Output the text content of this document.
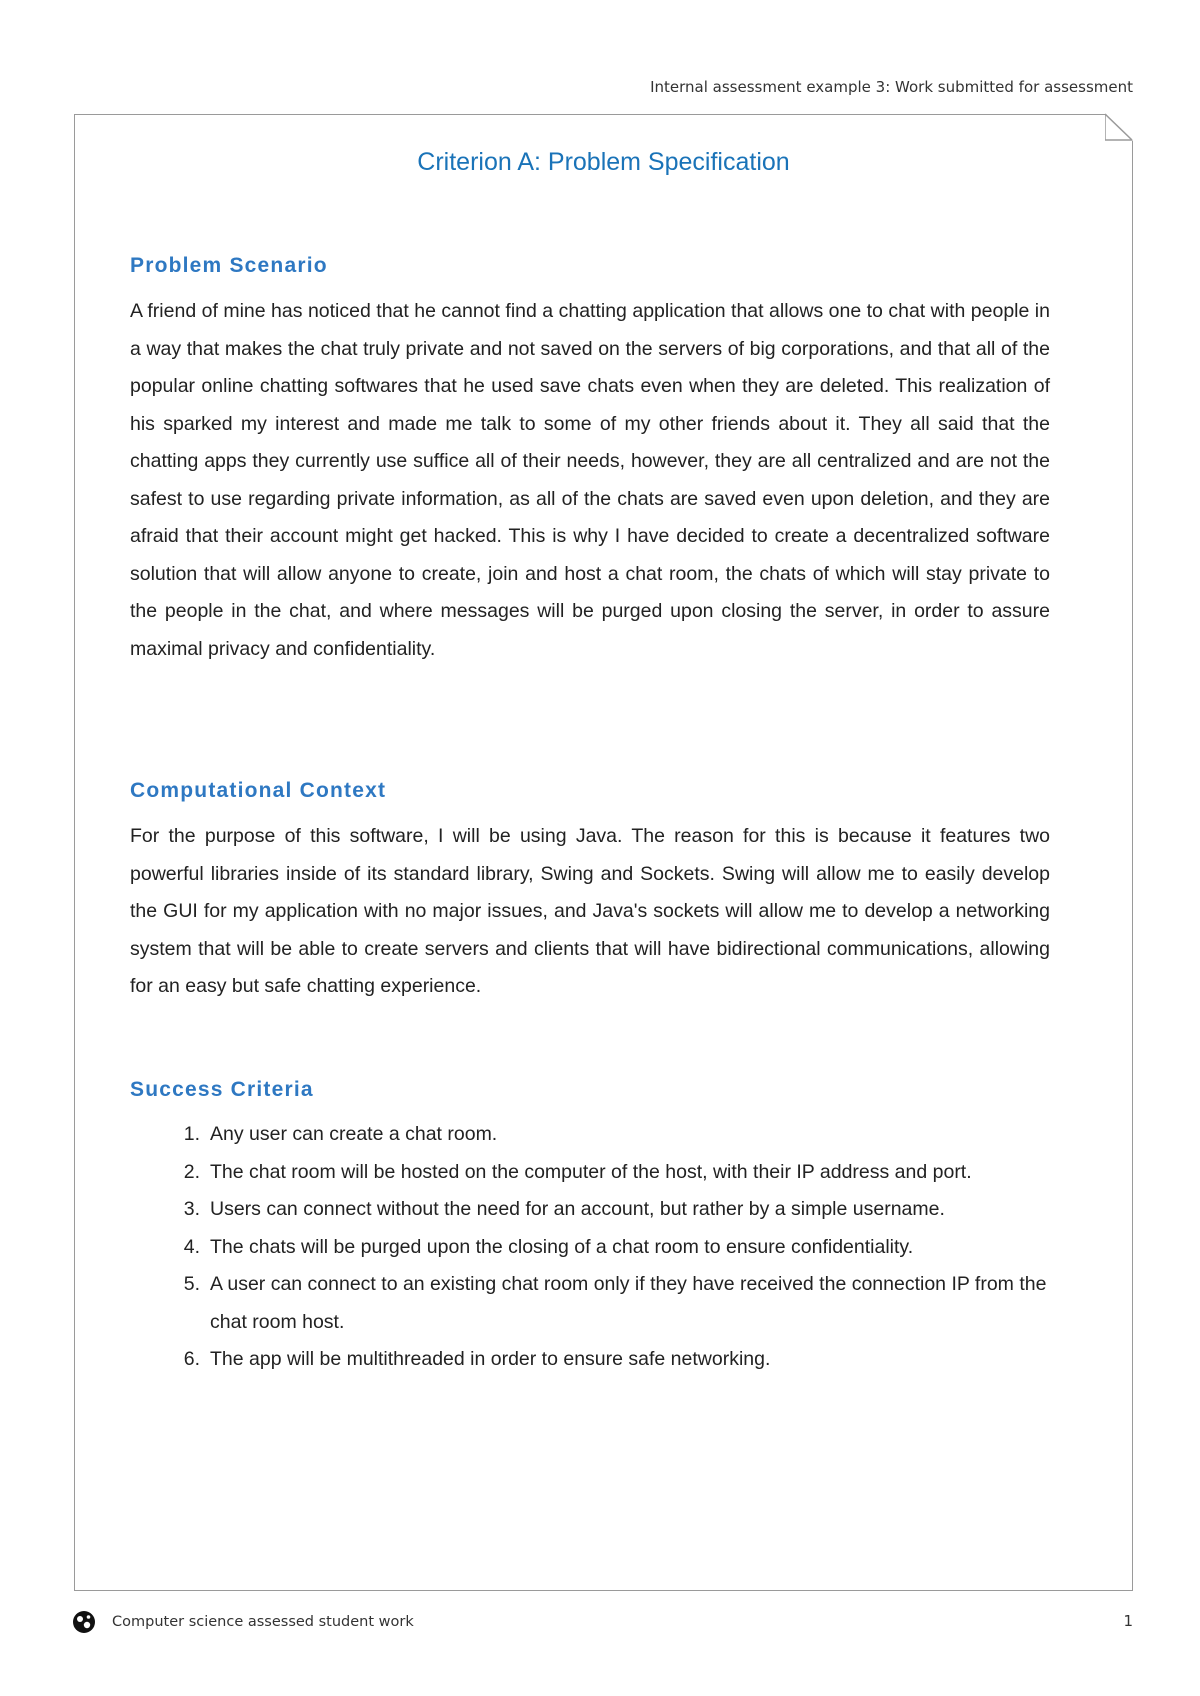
Internal assessment example 3: Work submitted for assessment
Criterion A: Problem Specification
Problem Scenario

A friend of mine has noticed that he cannot find a chatting application that allows one to chat with people in a way that makes the chat truly private and not saved on the servers of big corporations, and that all of the popular online chatting softwares that he used save chats even when they are deleted. This realization of his sparked my interest and made me talk to some of my other friends about it. They all said that the chatting apps they currently use suffice all of their needs, however, they are all centralized and are not the safest to use regarding private information, as all of the chats are saved even upon deletion, and they are afraid that their account might get hacked. This is why I have decided to create a decentralized software solution that will allow anyone to create, join and host a chat room, the chats of which will stay private to the people in the chat, and where messages will be purged upon closing the server, in order to assure maximal privacy and confidentiality.

Computational Context

For the purpose of this software, I will be using Java. The reason for this is because it features two powerful libraries inside of its standard library, Swing and Sockets. Swing will allow me to easily develop the GUI for my application with no major issues, and Java's sockets will allow me to develop a networking system that will be able to create servers and clients that will have bidirectional communications, allowing for an easy but safe chatting experience.

Success Criteria
1. Any user can create a chat room.
2. The chat room will be hosted on the computer of the host, with their IP address and port.
3. Users can connect without the need for an account, but rather by a simple username.
4. The chats will be purged upon the closing of a chat room to ensure confidentiality.
5. A user can connect to an existing chat room only if they have received the connection IP from the chat room host.
6. The app will be multithreaded in order to ensure safe networking.
Computer science assessed student work	1
